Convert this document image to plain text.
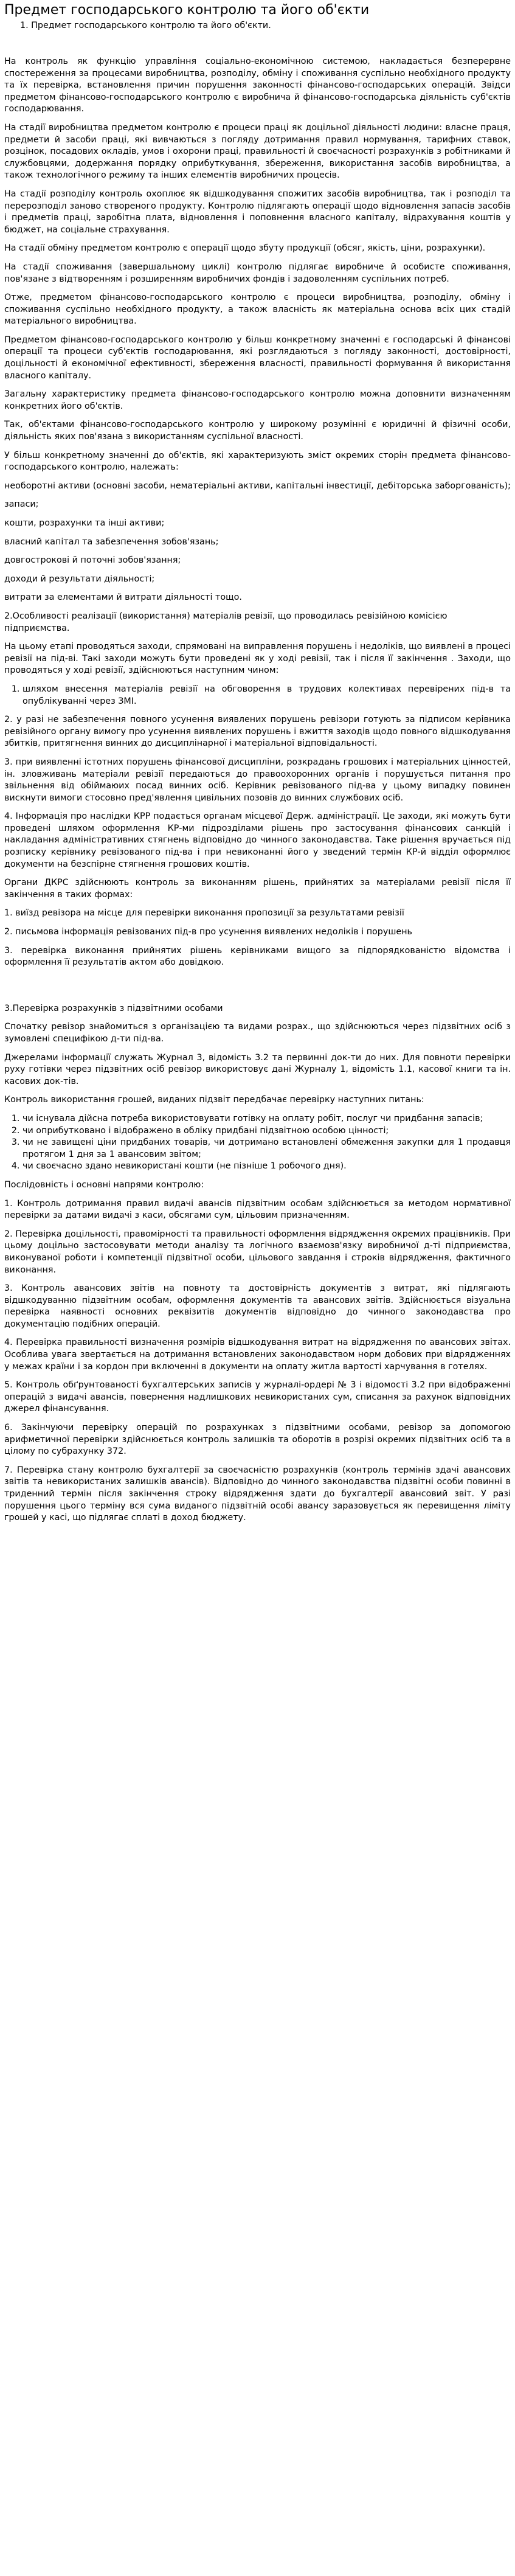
Предмет господарського контролю та його об'єкти
1. Предмет господарського контролю та його об'єкти.

На контроль як функцію управління соціально-економічною системою, накладається безперервне спостереження за процесами виробництва, розподілу, обміну і споживання суспільно необхідного продукту та їх перевірка, встановлення причин порушення законності фінансово-господарських операцій. Звідси предметом фінансово-господарського контролю є виробнича й фінансово-господарська діяльність суб'єктів господарювання.

На стадії виробництва предметом контролю є процеси праці як доцільної діяльності людини: власне праця, предмети й засоби праці, які вивчаються з погляду дотримання правил нормування, тарифних ставок, розцінок, посадових окладів, умов і охорони праці, правильності й своєчасності розрахунків з робітниками й службовцями, додержання порядку оприбуткування, збереження, використання засобів виробництва, а також технологічного режиму та інших елементів виробничих процесів.

На стадії розподілу контроль охоплює як відшкодування спожитих засобів виробництва, так і розподіл та перерозподіл заново створеного продукту. Контролю підлягають операції щодо відновлення запасів засобів і предметів праці, заробітна плата, відновлення і поповнення власного капіталу, відрахування коштів у бюджет, на соціальне страхування.

На стадії обміну предметом контролю є операції щодо збуту продукції (обсяг, якість, ціни, розрахунки).

На стадії споживання (завершальному циклі) контролю підлягає виробниче й особисте споживання, пов'язане з відтворенням і розширенням виробничих фондів і задоволенням суспільних потреб.

Отже, предметом фінансово-господарського контролю є процеси виробництва, розподілу, обміну і споживання суспільно необхідного продукту, а також власність як матеріальна основа всіх цих стадій матеріального виробництва.

Предметом фінансово-господарського контролю у більш конкретному значенні є господарські й фінансові операції та процеси суб'єктів господарювання, які розглядаються з погляду законності, достовірності, доцільності й економічної ефективності, збереження власності, правильності формування й використання власного капіталу.

Загальну характеристику предмета фінансово-господарського контролю можна доповнити визначенням конкретних його об'єктів.

Так, об'єктами фінансово-господарського контролю у широкому розумінні є юридичні й фізичні особи, діяльність яких пов'язана з використанням суспільної власності.

У більш конкретному значенні до об'єктів, які характеризують зміст окремих сторін предмета фінансово-господарського контролю, належать:

необоротні активи (основні засоби, нематеріальні активи, капітальні інвестиції, дебіторська заборгованість);

запаси;

кошти, розрахунки та інші активи;

власний капітал та забезпечення зобов'язань;

довгострокові й поточні зобов'язання;

доходи й результати діяльності;

витрати за елементами й витрати діяльності тощо.

2.Особливості реалізації (використання) матеріалів ревізії, що проводилась ревізійною комісією підприємства.

На цьому етапі проводяться заходи, спрямовані на виправлення порушень і недоліків, що виявлені в процесі ревізії на під-ві. Такі заходи можуть бути проведені як у ході ревізії, так і після її закінчення . Заходи, що проводяться у ході ревізії, здійснюються наступним чином:

1. шляхом внесення матеріалів ревізії на обговорення в трудових колективах перевірених під-в та опублікуванні через ЗМІ.

2. у разі не забезпечення повного усунення виявлених порушень ревізори готують за підписом керівника ревізійного органу вимогу про усунення виявлених порушень і вжиття заходів щодо повного відшкодування збитків, притягнення винних до дисциплінарної і матеріальної відповідальності.

3. при виявленні істотних порушень фінансової дисципліни, розкрадань грошових і матеріальних цінностей, ін. зловживань матеріали ревізії передаються до правоохоронних органів і порушується питання про звільнення від обіймаюих посад винних осіб. Керівник ревізованого під-ва у цьому випадку повинен вискнути вимоги стосовно пред'явлення цивільних позовів до винних службових осіб.

4. Інформація про наслідки КРР подається органам місцевої Держ. адміністрації. Це заходи, які можуть бути проведені шляхом оформлення КР-ми підрозділами рішень про застосування фінансових санкцій і накладання адміністративних стягнень відповідно до чинного законодавства. Таке рішення вручається під розписку керівнику ревізованого під-ва і при невиконанні його у зведений термін КР-й відділ оформлює документи на безспірне стягнення грошових коштів.

Органи ДКРС здійснюють контроль за виконанням рішень, прийнятих за матеріалами ревізії після її закінчення в таких формах:

1. виїзд ревізора на місце для перевірки виконання пропозиції за результатами ревізії

2. письмова інформація ревізованих під-в про усунення виявлених недоліків і порушень

3. перевірка виконання прийнятих рішень керівниками вищого за підпорядкованістю відомства і оформлення її результатів актом або довідкою.

3.Перевірка розрахунків з підзвітними особами

Спочатку ревізор знайомиться з організацією та видами розрах., що здійснюються через підзвітних осіб з зумовлені специфікою д-ти під-ва.

Джерелами інформації служать Журнал 3, відомість 3.2 та первинні док-ти до них. Для повноти перевірки руху готівки через підзвітних осіб ревізор використовує дані Журналу 1, відомість 1.1, касової книги та ін. касових док-тів.

Контроль використання грошей, виданих підзвіт передбачає перевірку наступних питань:

1. чи існувала дійсна потреба використовувати готівку на оплату робіт, послуг чи придбання запасів;
2. чи оприбутковано і відображено в обліку придбані підзвітною особою цінності;
3. чи не завищені ціни придбаних товарів, чи дотримано встановлені обмеження закупки для 1 продавця протягом 1 дня за 1 авансовим звітом;
4. чи своєчасно здано невикористані кошти (не пізніше 1 робочого дня).

Послідовність і основні напрями контролю:

1. Контроль дотримання правил видачі авансів підзвітним особам здійснюється за методом нормативної перевірки за датами видачі з каси, обсягами сум, цільовим призначенням.

2. Перевірка доцільності, правомірності та правильності оформлення відрядження окремих працівників. При цьому доцільно застосовувати методи аналізу та логічного взаємозв'язку виробничої д-ті підприємства, виконуваної роботи і компетенції підзвітної особи, цільового завдання і строків відрядження, фактичного виконання.

3. Контроль авансових звітів на повноту та достовірність документів з витрат, які підлягають відшкодуванню підзвітним особам, оформлення документів та авансових звітів. Здійснюється візуальна перевірка наявності основних реквізитів документів відповідно до чинного законодавства про документацію подібних операцій.

4. Перевірка правильності визначення розмірів відшкодування витрат на відрядження по авансових звітах. Особлива увага звертається на дотримання встановлених законодавством норм добових при відрядженнях у межах країни і за кордон при включенні в документи на оплату житла вартості харчування в готелях.

5. Контроль обґрунтованості бухгалтерських записів у журналі-ордері № 3 і відомості 3.2 при відображенні операцій з видачі авансів, повернення надлишкових невикористаних сум, списання за рахунок відповідних джерел фінансування.

6. Закінчуючи перевірку операцій по розрахунках з підзвітними особами, ревізор за допомогою арифметичної перевірки здійснюється контроль залишків та оборотів в розрізі окремих підзвітних осіб та в цілому по субрахунку 372.

7. Перевірка стану контролю бухгалтерії за своєчасністю розрахунків (контроль термінів здачі авансових звітів та невикористаних залишків авансів). Відповідно до чинного законодавства підзвітні особи повинні в триденний термін після закінчення строку відрядження здати до бухгалтерії авансовий звіт. У разі порушення цього терміну вся сума виданого підзвітній особі авансу заразовується як перевищення ліміту грошей у касі, що підлягає сплаті в доход бюджету.
